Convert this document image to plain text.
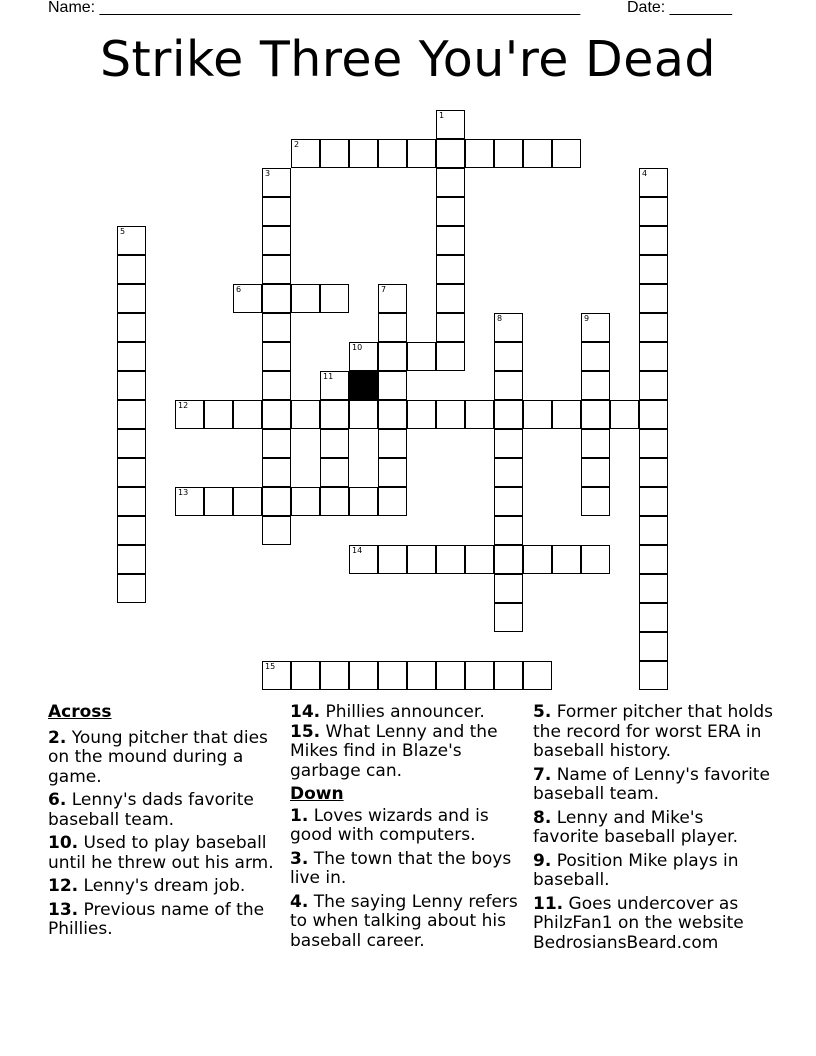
Name: ______________________________________________________	Date: _______
Strike Three You're Dead
1
2
3	4
5
6	7
8	9
10
11
12
13
14
15
Across
2. Young pitcher that dies on the mound during a game.
6. Lenny's dads favorite baseball team.
10. Used to play baseball until he threw out his arm.
12. Lenny's dream job.
13. Previous name of the Phillies.
14. Phillies announcer.
15. What Lenny and the Mikes find in Blaze's garbage can.
Down
1. Loves wizards and is good with computers.
3. The town that the boys live in.
4. The saying Lenny refers to when talking about his baseball career.
5. Former pitcher that holds the record for worst ERA in baseball history.
7. Name of Lenny's favorite baseball team.
8. Lenny and Mike's favorite baseball player.
9. Position Mike plays in baseball.
11. Goes undercover as PhilzFan1 on the website BedrosiansBeard.com
